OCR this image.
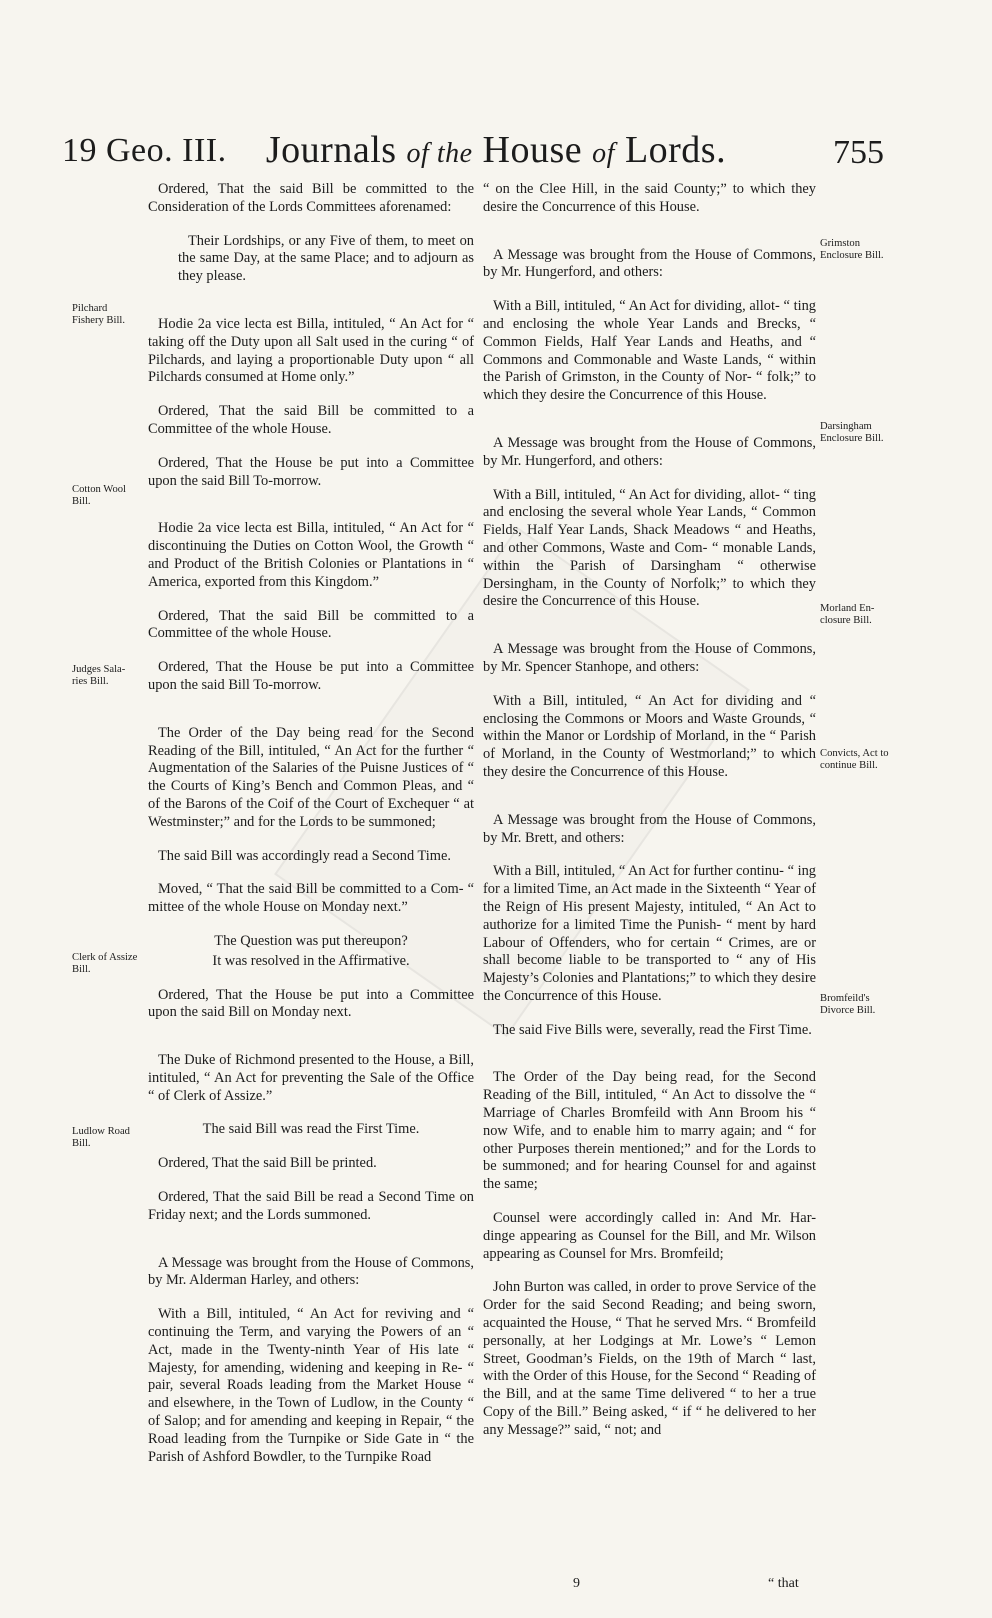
19 Geo. III.	Journals of the House of Lords.	755
Pilchard Fishery Bill.
Cotton Wool Bill.
Judges Sala- ries Bill.
Clerk of Assize Bill.
Ludlow Road Bill.
Grimston Enclosure Bill.
Darsingham Enclosure Bill.
Morland En- closure Bill.
Convicts, Act to continue Bill.
Bromfeild's Divorce Bill.

Ordered, That the said Bill be committed to the Consideration of the Lords Committees aforenamed:

Their Lordships, or any Five of them, to meet on the same Day, at the same Place; and to adjourn as they please.

Hodie 2a vice lecta est Billa, intituled, “ An Act for “ taking off the Duty upon all Salt used in the curing “ of Pilchards, and laying a proportionable Duty upon “ all Pilchards consumed at Home only.”

Ordered, That the said Bill be committed to a Committee of the whole House.

Ordered, That the House be put into a Committee upon the said Bill To-morrow.

Hodie 2a vice lecta est Billa, intituled, “ An Act for “ discontinuing the Duties on Cotton Wool, the Growth “ and Product of the British Colonies or Plantations in “ America, exported from this Kingdom.”

Ordered, That the said Bill be committed to a Committee of the whole House.

Ordered, That the House be put into a Committee upon the said Bill To-morrow.

The Order of the Day being read for the Second Reading of the Bill, intituled, “ An Act for the further “ Augmentation of the Salaries of the Puisne Justices of “ the Courts of King’s Bench and Common Pleas, and “ of the Barons of the Coif of the Court of Exchequer “ at Westminster;” and for the Lords to be summoned;

The said Bill was accordingly read a Second Time.

Moved, “ That the said Bill be committed to a Com- “ mittee of the whole House on Monday next.”

The Question was put thereupon?

It was resolved in the Affirmative.

Ordered, That the House be put into a Committee upon the said Bill on Monday next.

The Duke of Richmond presented to the House, a Bill, intituled, “ An Act for preventing the Sale of the Office “ of Clerk of Assize.”

The said Bill was read the First Time.

Ordered, That the said Bill be printed.

Ordered, That the said Bill be read a Second Time on Friday next; and the Lords summoned.

A Message was brought from the House of Commons, by Mr. Alderman Harley, and others:

With a Bill, intituled, “ An Act for reviving and “ continuing the Term, and varying the Powers of an “ Act, made in the Twenty-ninth Year of His late “ Majesty, for amending, widening and keeping in Re- “ pair, several Roads leading from the Market House “ and elsewhere, in the Town of Ludlow, in the County “ of Salop; and for amending and keeping in Repair, “ the Road leading from the Turnpike or Side Gate in “ the Parish of Ashford Bowdler, to the Turnpike Road

“ on the Clee Hill, in the said County;” to which they desire the Concurrence of this House.

A Message was brought from the House of Commons, by Mr. Hungerford, and others:

With a Bill, intituled, “ An Act for dividing, allot- “ ting and enclosing the whole Year Lands and Brecks, “ Common Fields, Half Year Lands and Heaths, and “ Commons and Commonable and Waste Lands, “ within the Parish of Grimston, in the County of Nor- “ folk;” to which they desire the Concurrence of this House.

A Message was brought from the House of Commons, by Mr. Hungerford, and others:

With a Bill, intituled, “ An Act for dividing, allot- “ ting and enclosing the several whole Year Lands, “ Common Fields, Half Year Lands, Shack Meadows “ and Heaths, and other Commons, Waste and Com- “ monable Lands, within the Parish of Darsingham “ otherwise Dersingham, in the County of Norfolk;” to which they desire the Concurrence of this House.

A Message was brought from the House of Commons, by Mr. Spencer Stanhope, and others:

With a Bill, intituled, “ An Act for dividing and “ enclosing the Commons or Moors and Waste Grounds, “ within the Manor or Lordship of Morland, in the “ Parish of Morland, in the County of Westmorland;” to which they desire the Concurrence of this House.

A Message was brought from the House of Commons, by Mr. Brett, and others:

With a Bill, intituled, “ An Act for further continu- “ ing for a limited Time, an Act made in the Sixteenth “ Year of the Reign of His present Majesty, intituled, “ An Act to authorize for a limited Time the Punish- “ ment by hard Labour of Offenders, who for certain “ Crimes, are or shall become liable to be transported to “ any of His Majesty’s Colonies and Plantations;” to which they desire the Concurrence of this House.

The said Five Bills were, severally, read the First Time.

The Order of the Day being read, for the Second Reading of the Bill, intituled, “ An Act to dissolve the “ Marriage of Charles Bromfeild with Ann Broom his “ now Wife, and to enable him to marry again; and “ for other Purposes therein mentioned;” and for the Lords to be summoned; and for hearing Counsel for and against the same;

Counsel were accordingly called in: And Mr. Har- dinge appearing as Counsel for the Bill, and Mr. Wilson appearing as Counsel for Mrs. Bromfeild;

John Burton was called, in order to prove Service of the Order for the said Second Reading; and being sworn, acquainted the House, “ That he served Mrs. “ Bromfeild personally, at her Lodgings at Mr. Lowe’s “ Lemon Street, Goodman’s Fields, on the 19th of March “ last, with the Order of this House, for the Second “ Reading of the Bill, and at the same Time delivered “ to her a true Copy of the Bill.” Being asked, “ if “ he delivered to her any Message?” said, “ not; and

9	“ that
